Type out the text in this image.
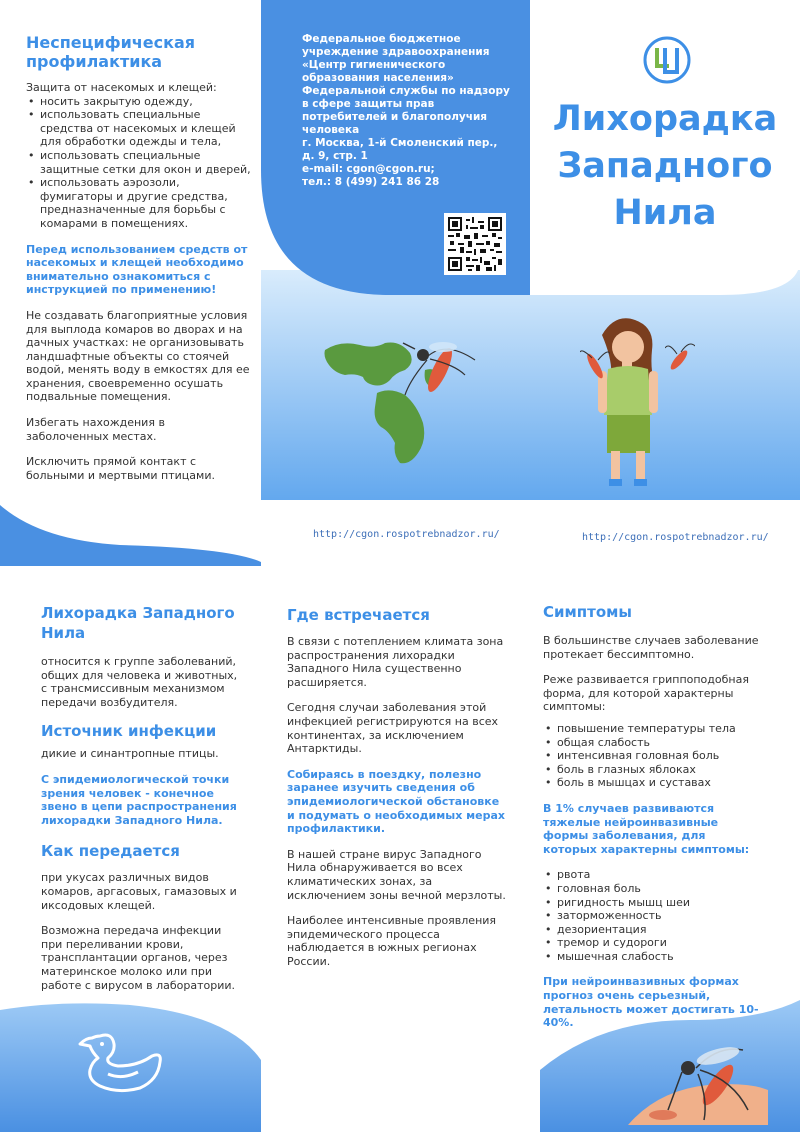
Неспецифическая профилактика

Защита от насекомых и клещей:

• носить закрытую одежду,
• использовать специальные средства от насекомых и клещей для обработки одежды и тела,
• использовать специальные защитные сетки для окон и дверей,
• использовать аэрозоли, фумигаторы и другие средства, предназначенные для борьбы с комарами в помещениях.

Перед использованием средств от насекомых и клещей необходимо внимательно ознакомиться с инструкцией по применению!

Не создавать благоприятные условия для выплода комаров во дворах и на дачных участках: не организовывать ландшафтные объекты со стоячей водой, менять воду в емкостях для ее хранения, своевременно осушать подвальные помещения.

Избегать нахождения в заболоченных местах.

Исключить прямой контакт с больными и мертвыми птицами.

Федеральное бюджетное учреждение здравоохранения «Центр гигиенического образования населения» Федеральной службы по надзору в сфере защиты прав потребителей и благополучия человека
г. Москва, 1-й Смоленский пер., д. 9, стр. 1
e-mail: cgon@cgon.ru;
тел.: 8 (499) 241 86 28
http://cgon.rospotrebnadzor.ru/
Лихорадка
Западного
Нила
http://cgon.rospotrebnadzor.ru/
Лихорадка Западного Нила

относится к группе заболеваний, общих для человека и животных, с трансмиссивным механизмом передачи возбудителя.

Источник инфекции

дикие и синантропные птицы.

С эпидемиологической точки зрения человек - конечное звено в цепи распространения лихорадки Западного Нила.

Как передается

при укусах различных видов комаров, аргасовых, гамазовых и иксодовых клещей.

Возможна передача инфекции при переливании крови, трансплантации органов, через материнское молоко или при работе с вирусом в лаборатории.

Где встречается

В связи с потеплением климата зона распространения лихорадки Западного Нила существенно расширяется.

Сегодня случаи заболевания этой инфекцией регистрируются на всех континентах, за исключением Антарктиды.

Собираясь в поездку, полезно заранее изучить сведения об эпидемиологической обстановке и подумать о необходимых мерах профилактики.

В нашей стране вирус Западного Нила обнаруживается во всех климатических зонах, за исключением зоны вечной мерзлоты.

Наиболее интенсивные проявления эпидемического процесса наблюдается в южных регионах России.

Симптомы

В большинстве случаев заболевание протекает бессимптомно.

Реже развивается гриппоподобная форма, для которой характерны симптомы:

• повышение температуры тела
• общая слабость
• интенсивная головная боль
• боль в глазных яблоках
• боль в мышцах и суставах

В 1% случаев развиваются тяжелые нейроинвазивные формы заболевания, для которых характерны симптомы:

• рвота
• головная боль
• ригидность мышц шеи
• заторможенность
• дезориентация
• тремор и судороги
• мышечная слабость

При нейроинвазивных формах прогноз очень серьезный, летальность может достигать 10-40%.
